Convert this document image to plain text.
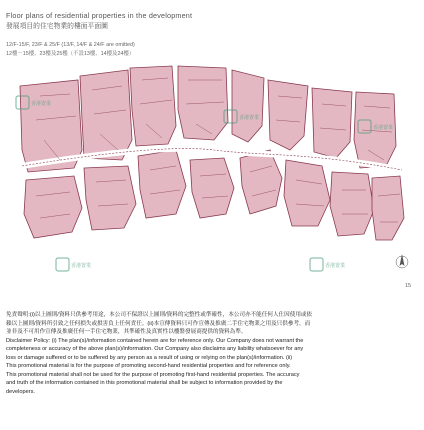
Floor plans of residential properties in the development
發展項目的住宅物業的樓面平面圖
12/F-15/F, 23/F & 25/F (13/F, 14/F & 24/F are omitted)
12樓－15樓、23樓及25樓（不設13樓、14樓及24樓）
香港置業
香港置業
香港置業
香港置業	香港置業
15
免責聲明:(i)以上圖則/資料只供參考用途，本公司不保證以上圖則/資料的完整性或準確性，本公司亦不能任何人仕因使用或依
賴以上圖則/資料所引致之任何損失或損害負上任何責任。(ii)本宣傳資料只可作宣傳及推廣二手住宅物業之用及只供參考，而
並非及不可用作宣傳及推廣任何一手住宅物業，其準確性及真實性以樓盤發展商提供的資料為準。
Disclaimer Policy: (i) The plan(s)/information contained herein are for reference only. Our Company does not warrant the
completeness or accuracy of the above plan(s)/information. Our Company also disclaims any liability whatsoever for any
loss or damage suffered or to be suffered by any person as a result of using or relying on the plan(s)/information. (ii)
This promotional material is for the purpose of promoting second-hand residential properties and for reference only.
This promotional material shall not be used for the purpose of promoting first-hand residential properties. The accuracy
and truth of the information contained in this promotional material shall be subject to information provided by the
developers.
